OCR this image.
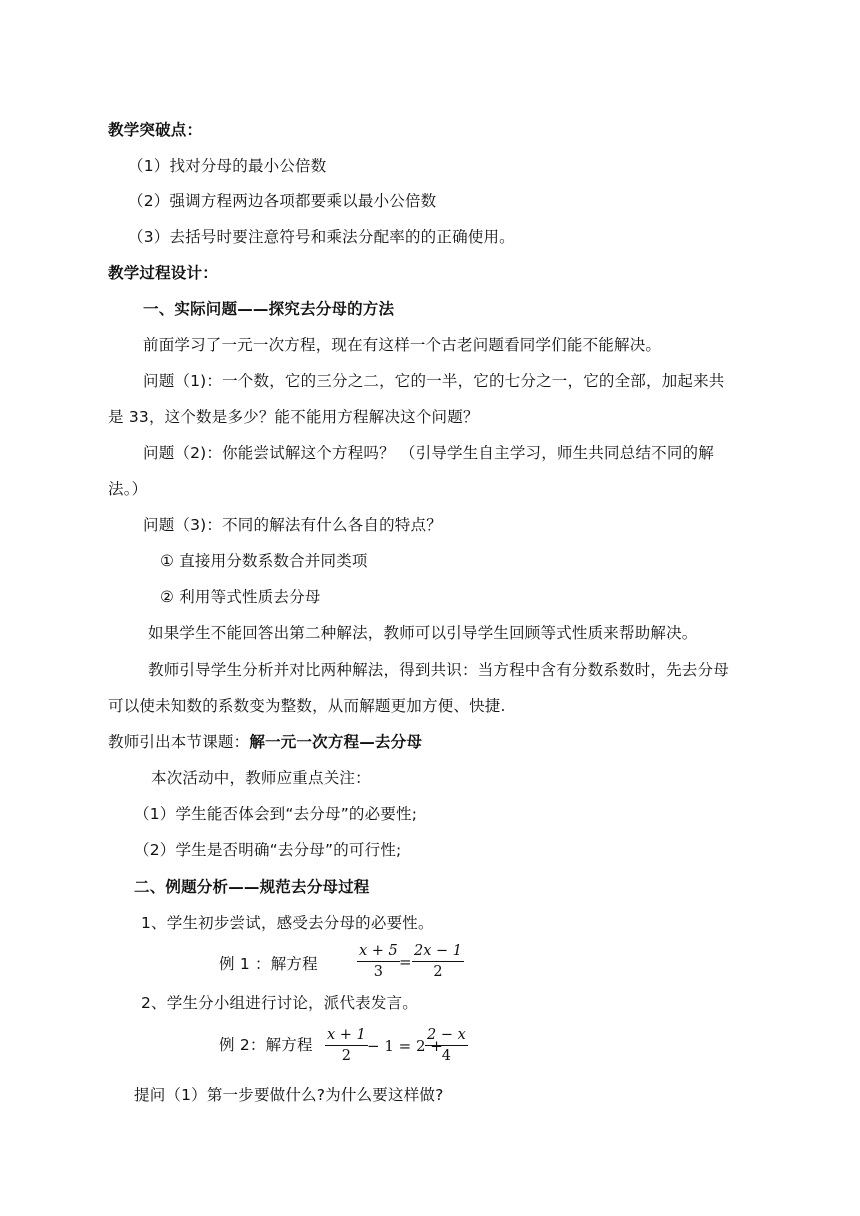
教学突破点：
（1）找对分母的最小公倍数
（2）强调方程两边各项都要乘以最小公倍数
（3）去括号时要注意符号和乘法分配率的的正确使用。
教学过程设计：
一、实际问题——探究去分母的方法
前面学习了一元一次方程，现在有这样一个古老问题看同学们能不能解决。
问题（1)：一个数，它的三分之二，它的一半，它的七分之一，它的全部，加起来共
是 33，这个数是多少？能不能用方程解决这个问题？
问题（2)：你能尝试解这个方程吗？ （引导学生自主学习，师生共同总结不同的解
法。）
问题（3)：不同的解法有什么各自的特点？
① 直接用分数系数合并同类项
② 利用等式性质去分母
如果学生不能回答出第二种解法，教师可以引导学生回顾等式性质来帮助解决。
教师引导学生分析并对比两种解法，得到共识：当方程中含有分数系数时，先去分母
可以使未知数的系数变为整数，从而解题更加方便、快捷.
教师引出本节课题：解一元一次方程—去分母
本次活动中，教师应重点关注：
（1）学生能否体会到“去分母”的必要性;
（2）学生是否明确“去分母”的可行性;
二、例题分析——规范去分母过程
1、学生初步尝试，感受去分母的必要性。
例 1 ：解方程	$\frac{x + 5}{3} = \frac{2x - 1}{2}$
2、学生分小组进行讨论，派代表发言。
例 2：解方程 $\frac{x + 1}{2} - 1 = 2$ +
$\frac{2 - x}{4}$
提问（1）第一步要做什么?为什么要这样做?
